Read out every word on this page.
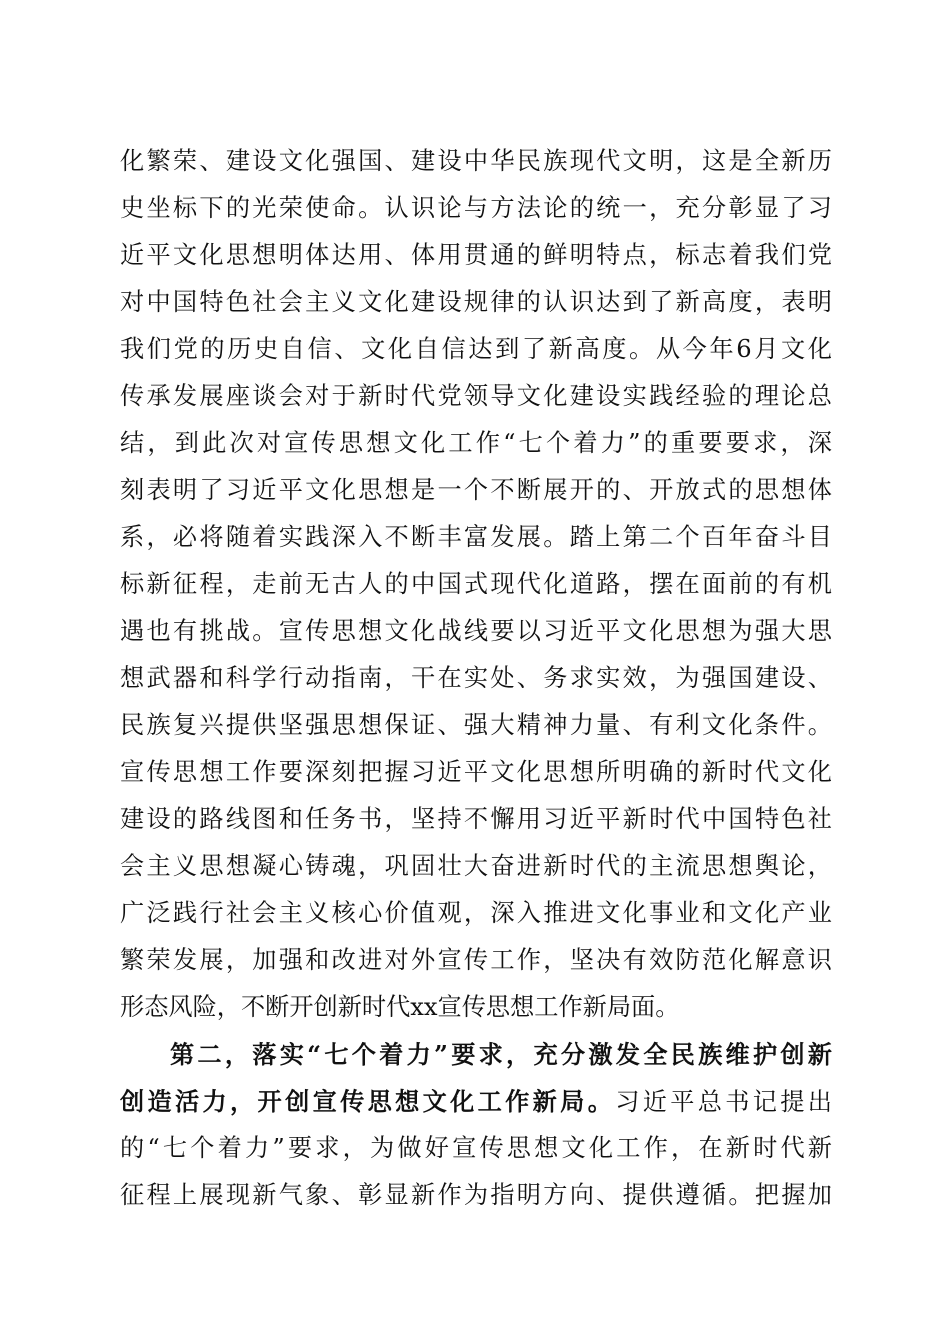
化繁荣、建设文化强国、建设中华民族现代文明，这是全新历
史坐标下的光荣使命。认识论与方法论的统一，充分彰显了习
近平文化思想明体达用、体用贯通的鲜明特点，标志着我们党
对中国特色社会主义文化建设规律的认识达到了新高度，表明
我们党的历史自信、文化自信达到了新高度。从今年6月文化
传承发展座谈会对于新时代党领导文化建设实践经验的理论总
结，到此次对宣传思想文化工作“七个着力”的重要要求，深
刻表明了习近平文化思想是一个不断展开的、开放式的思想体
系，必将随着实践深入不断丰富发展。踏上第二个百年奋斗目
标新征程，走前无古人的中国式现代化道路，摆在面前的有机
遇也有挑战。宣传思想文化战线要以习近平文化思想为强大思
想武器和科学行动指南，干在实处、务求实效，为强国建设、
民族复兴提供坚强思想保证、强大精神力量、有利文化条件。
宣传思想工作要深刻把握习近平文化思想所明确的新时代文化
建设的路线图和任务书，坚持不懈用习近平新时代中国特色社
会主义思想凝心铸魂，巩固壮大奋进新时代的主流思想舆论，
广泛践行社会主义核心价值观，深入推进文化事业和文化产业
繁荣发展，加强和改进对外宣传工作，坚决有效防范化解意识
形态风险，不断开创新时代xx宣传思想工作新局面。
第二，落实“七个着力”要求，充分激发全民族维护创新
创造活力，开创宣传思想文化工作新局。习近平总书记提出
的“七个着力”要求，为做好宣传思想文化工作，在新时代新
征程上展现新气象、彰显新作为指明方向、提供遵循。把握加
